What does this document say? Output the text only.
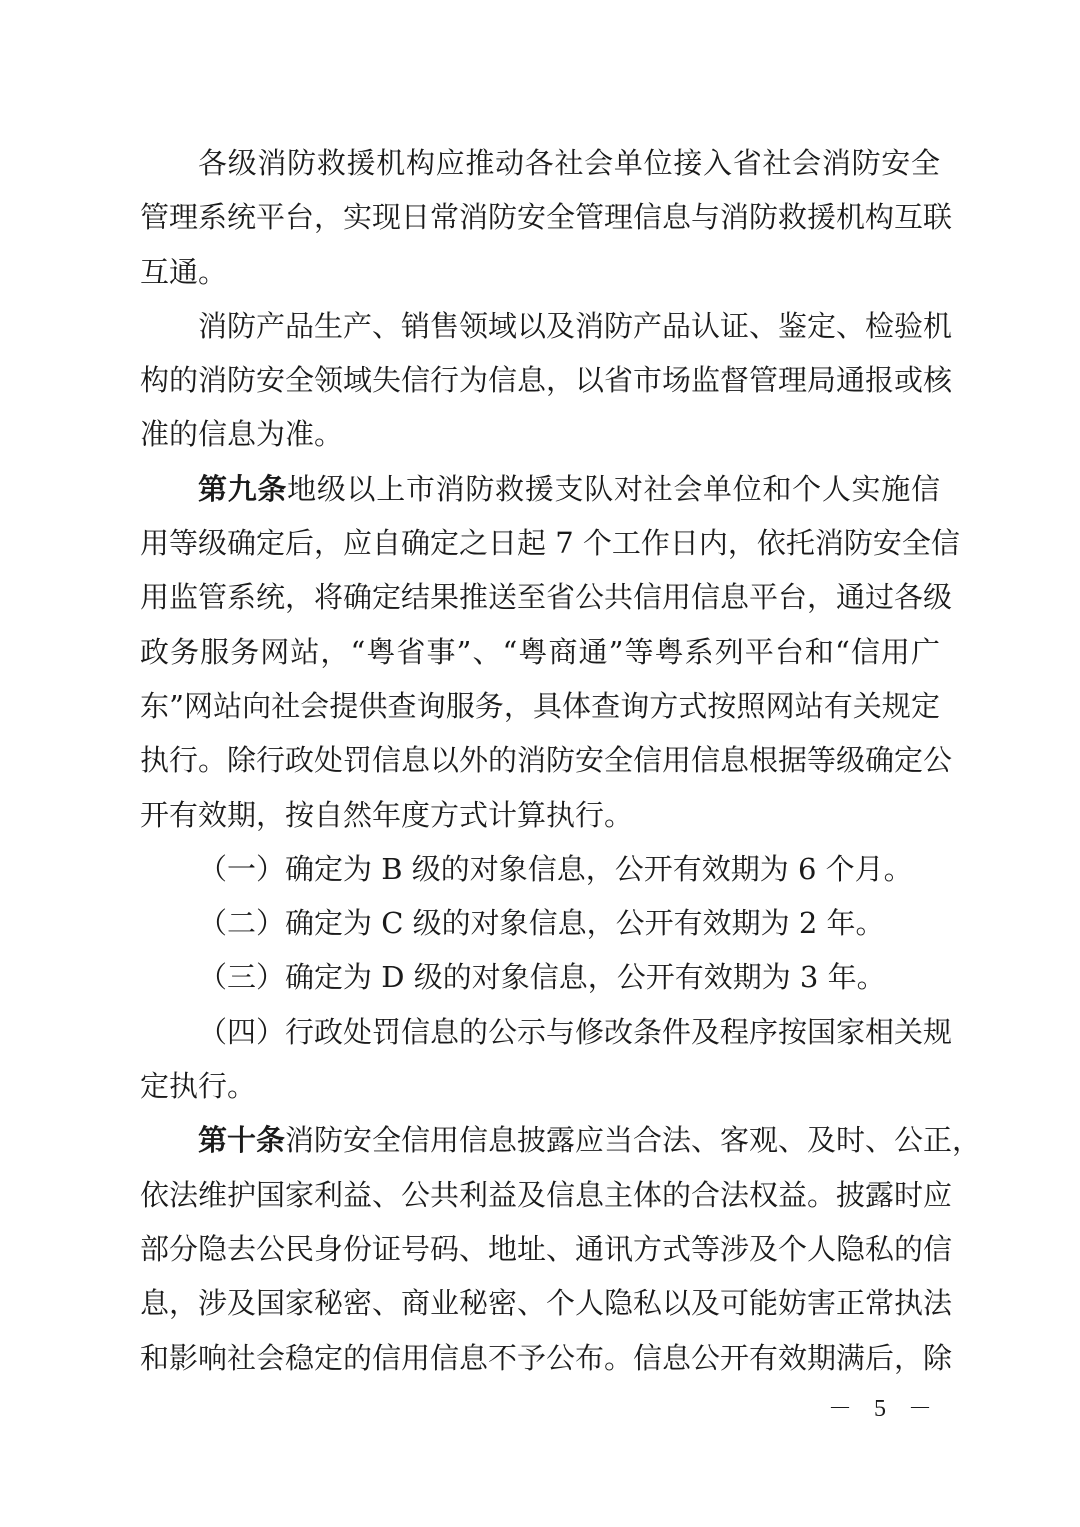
各级消防救援机构应推动各社会单位接入省社会消防安全
管理系统平台，实现日常消防安全管理信息与消防救援机构互联
互通。
消防产品生产、销售领域以及消防产品认证、鉴定、检验机
构的消防安全领域失信行为信息，以省市场监督管理局通报或核
准的信息为准。
第九条地级以上市消防救援支队对社会单位和个人实施信
用等级确定后，应自确定之日起 7 个工作日内，依托消防安全信
用监管系统，将确定结果推送至省公共信用信息平台，通过各级
政务服务网站，“粤省事”、“粤商通”等粤系列平台和“信用广
东”网站向社会提供查询服务，具体查询方式按照网站有关规定
执行。除行政处罚信息以外的消防安全信用信息根据等级确定公
开有效期，按自然年度方式计算执行。
（一）确定为 B 级的对象信息，公开有效期为 6 个月。
（二）确定为 C 级的对象信息，公开有效期为 2 年。
（三）确定为 D 级的对象信息，公开有效期为 3 年。
（四）行政处罚信息的公示与修改条件及程序按国家相关规
定执行。
第十条消防安全信用信息披露应当合法、客观、及时、公正，
依法维护国家利益、公共利益及信息主体的合法权益。披露时应
部分隐去公民身份证号码、地址、通讯方式等涉及个人隐私的信
息，涉及国家秘密、商业秘密、个人隐私以及可能妨害正常执法
和影响社会稳定的信用信息不予公布。信息公开有效期满后，除
－ 5 －
